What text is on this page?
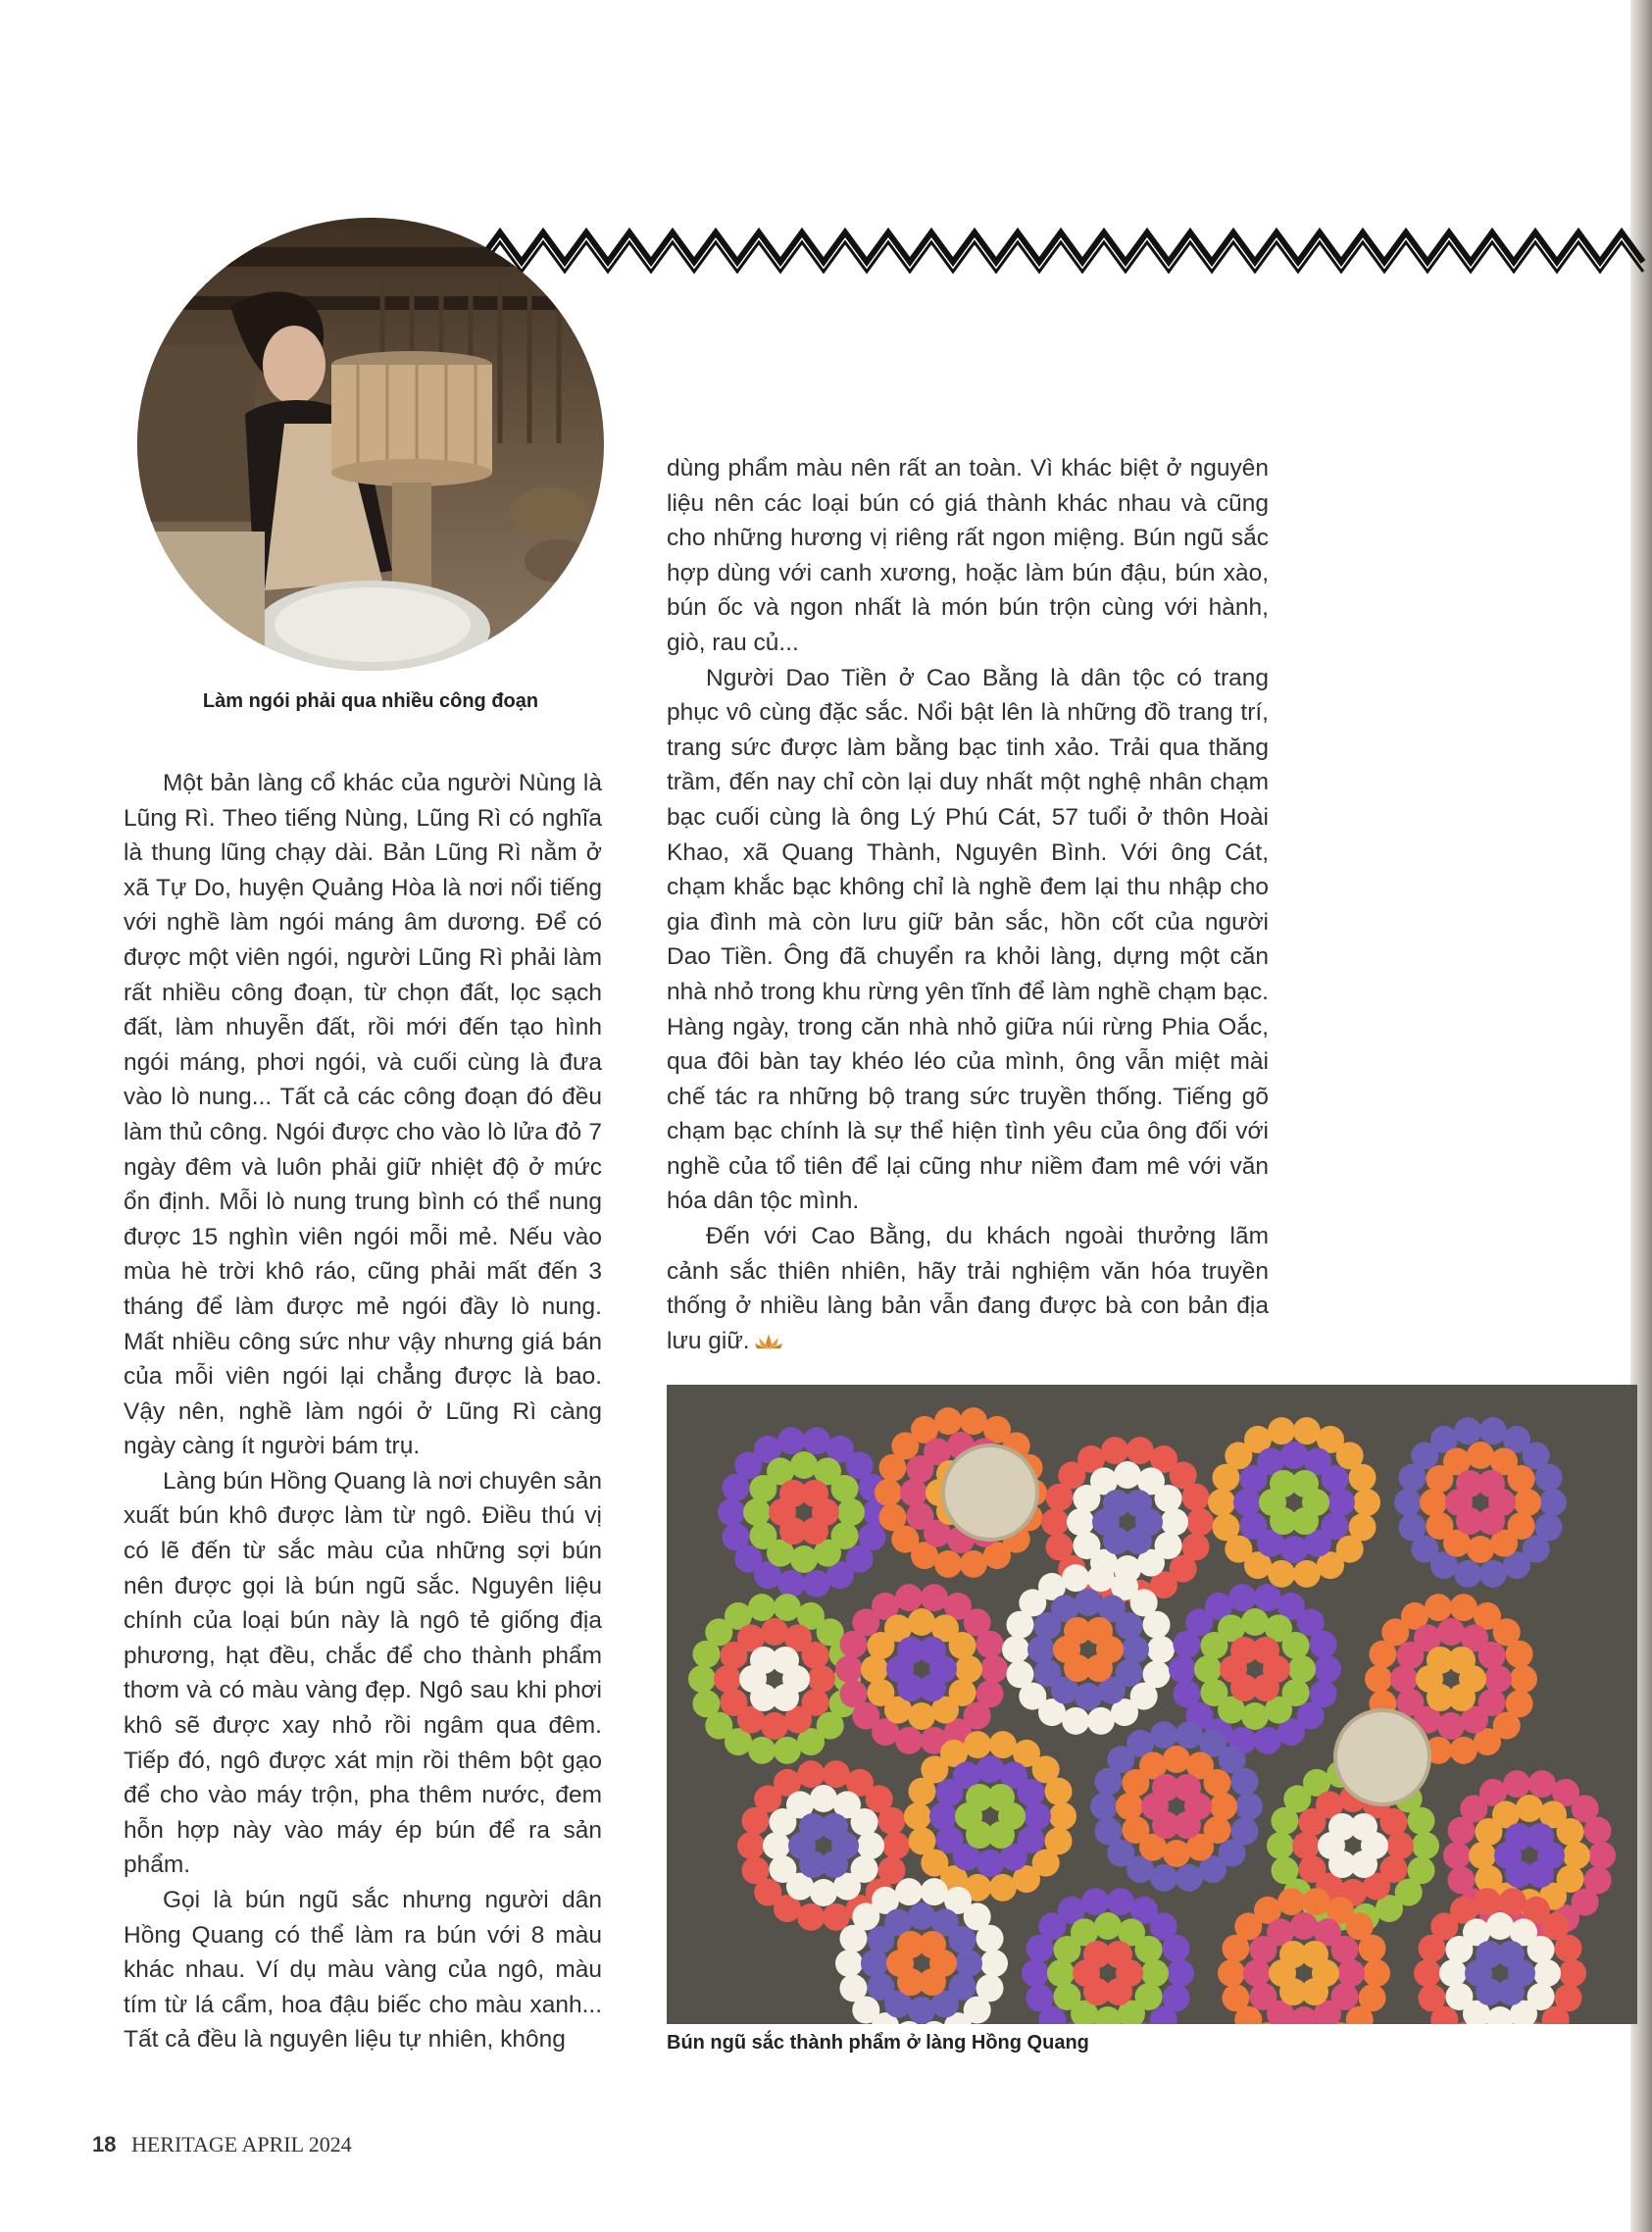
Làm ngói phải qua nhiều công đoạn

Một bản làng cổ khác của người Nùng là Lũng Rì. Theo tiếng Nùng, Lũng Rì có nghĩa là thung lũng chạy dài. Bản Lũng Rì nằm ở xã Tự Do, huyện Quảng Hòa là nơi nổi tiếng với nghề làm ngói máng âm dương. Để có được một viên ngói, người Lũng Rì phải làm rất nhiều công đoạn, từ chọn đất, lọc sạch đất, làm nhuyễn đất, rồi mới đến tạo hình ngói máng, phơi ngói, và cuối cùng là đưa vào lò nung... Tất cả các công đoạn đó đều làm thủ công. Ngói được cho vào lò lửa đỏ 7 ngày đêm và luôn phải giữ nhiệt độ ở mức ổn định. Mỗi lò nung trung bình có thể nung được 15 nghìn viên ngói mỗi mẻ. Nếu vào mùa hè trời khô ráo, cũng phải mất đến 3 tháng để làm được mẻ ngói đầy lò nung. Mất nhiều công sức như vậy nhưng giá bán của mỗi viên ngói lại chẳng được là bao. Vậy nên, nghề làm ngói ở Lũng Rì càng ngày càng ít người bám trụ.

Làng bún Hồng Quang là nơi chuyên sản xuất bún khô được làm từ ngô. Điều thú vị có lẽ đến từ sắc màu của những sợi bún nên được gọi là bún ngũ sắc. Nguyên liệu chính của loại bún này là ngô tẻ giống địa phương, hạt đều, chắc để cho thành phẩm thơm và có màu vàng đẹp. Ngô sau khi phơi khô sẽ được xay nhỏ rồi ngâm qua đêm. Tiếp đó, ngô được xát mịn rồi thêm bột gạo để cho vào máy trộn, pha thêm nước, đem hỗn hợp này vào máy ép bún để ra sản phẩm.

Gọi là bún ngũ sắc nhưng người dân Hồng Quang có thể làm ra bún với 8 màu khác nhau. Ví dụ màu vàng của ngô, màu tím từ lá cẩm, hoa đậu biếc cho màu xanh... Tất cả đều là nguyên liệu tự nhiên, không

dùng phẩm màu nên rất an toàn. Vì khác biệt ở nguyên liệu nên các loại bún có giá thành khác nhau và cũng cho những hương vị riêng rất ngon miệng. Bún ngũ sắc hợp dùng với canh xương, hoặc làm bún đậu, bún xào, bún ốc và ngon nhất là món bún trộn cùng với hành, giò, rau củ...

Người Dao Tiền ở Cao Bằng là dân tộc có trang phục vô cùng đặc sắc. Nổi bật lên là những đồ trang trí, trang sức được làm bằng bạc tinh xảo. Trải qua thăng trầm, đến nay chỉ còn lại duy nhất một nghệ nhân chạm bạc cuối cùng là ông Lý Phú Cát, 57 tuổi ở thôn Hoài Khao, xã Quang Thành, Nguyên Bình. Với ông Cát, chạm khắc bạc không chỉ là nghề đem lại thu nhập cho gia đình mà còn lưu giữ bản sắc, hồn cốt của người Dao Tiền. Ông đã chuyển ra khỏi làng, dựng một căn nhà nhỏ trong khu rừng yên tĩnh để làm nghề chạm bạc. Hàng ngày, trong căn nhà nhỏ giữa núi rừng Phia Oắc, qua đôi bàn tay khéo léo của mình, ông vẫn miệt mài chế tác ra những bộ trang sức truyền thống. Tiếng gõ chạm bạc chính là sự thể hiện tình yêu của ông đối với nghề của tổ tiên để lại cũng như niềm đam mê với văn hóa dân tộc mình.

Đến với Cao Bằng, du khách ngoài thưởng lãm cảnh sắc thiên nhiên, hãy trải nghiệm văn hóa truyền thống ở nhiều làng bản vẫn đang được bà con bản địa lưu giữ.

Bún ngũ sắc thành phẩm ở làng Hồng Quang
18 HERITAGE APRIL 2024
